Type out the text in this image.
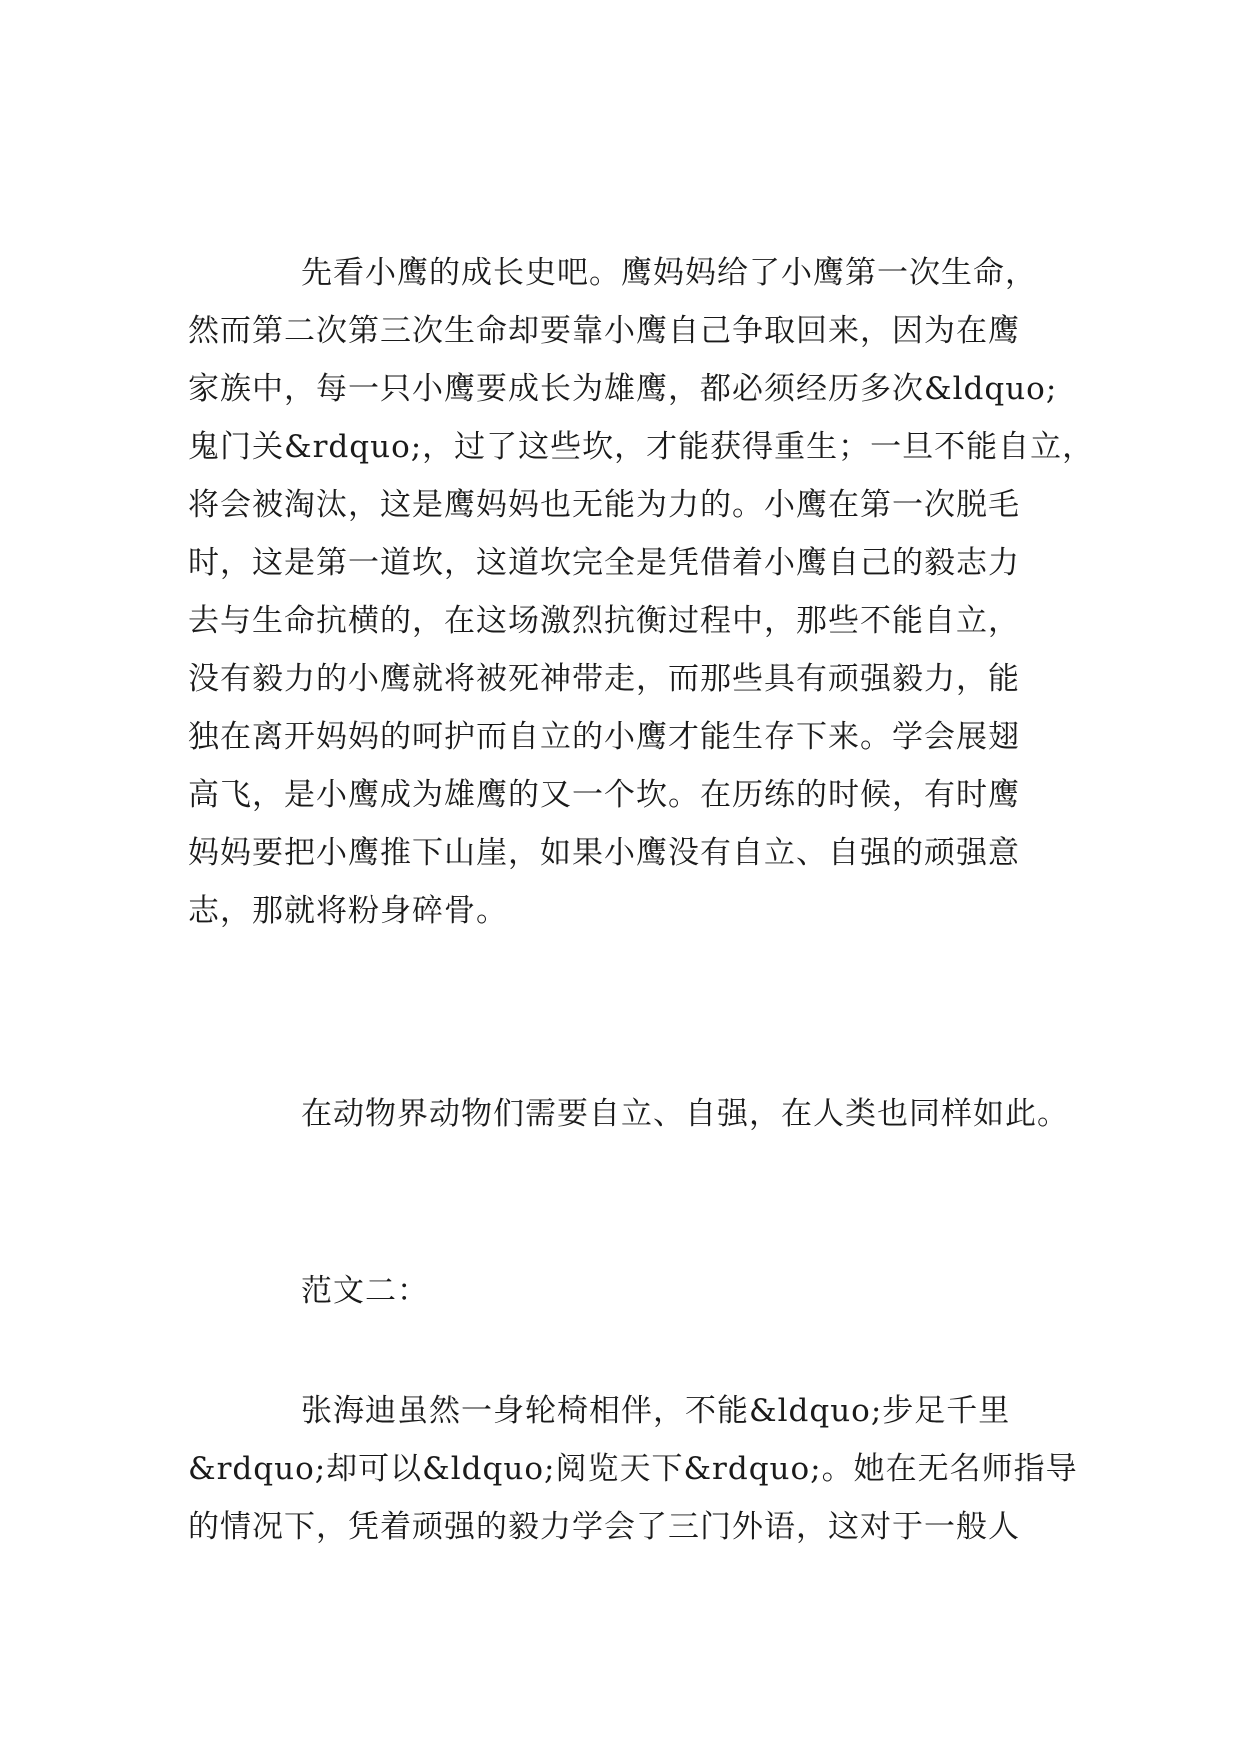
先看小鹰的成长史吧。鹰妈妈给了小鹰第一次生命，
然而第二次第三次生命却要靠小鹰自己争取回来，因为在鹰
家族中，每一只小鹰要成长为雄鹰，都必须经历多次&ldquo;
鬼门关&rdquo;，过了这些坎，才能获得重生；一旦不能自立，
将会被淘汰，这是鹰妈妈也无能为力的。小鹰在第一次脱毛
时，这是第一道坎，这道坎完全是凭借着小鹰自己的毅志力
去与生命抗横的，在这场激烈抗衡过程中，那些不能自立，
没有毅力的小鹰就将被死神带走，而那些具有顽强毅力，能
独在离开妈妈的呵护而自立的小鹰才能生存下来。学会展翅
高飞，是小鹰成为雄鹰的又一个坎。在历练的时候，有时鹰
妈妈要把小鹰推下山崖，如果小鹰没有自立、自强的顽强意
志，那就将粉身碎骨。
在动物界动物们需要自立、自强，在人类也同样如此。
范文二：
张海迪虽然一身轮椅相伴，不能&ldquo;步足千里
&rdquo;却可以&ldquo;阅览天下&rdquo;。她在无名师指导
的情况下，凭着顽强的毅力学会了三门外语，这对于一般人
